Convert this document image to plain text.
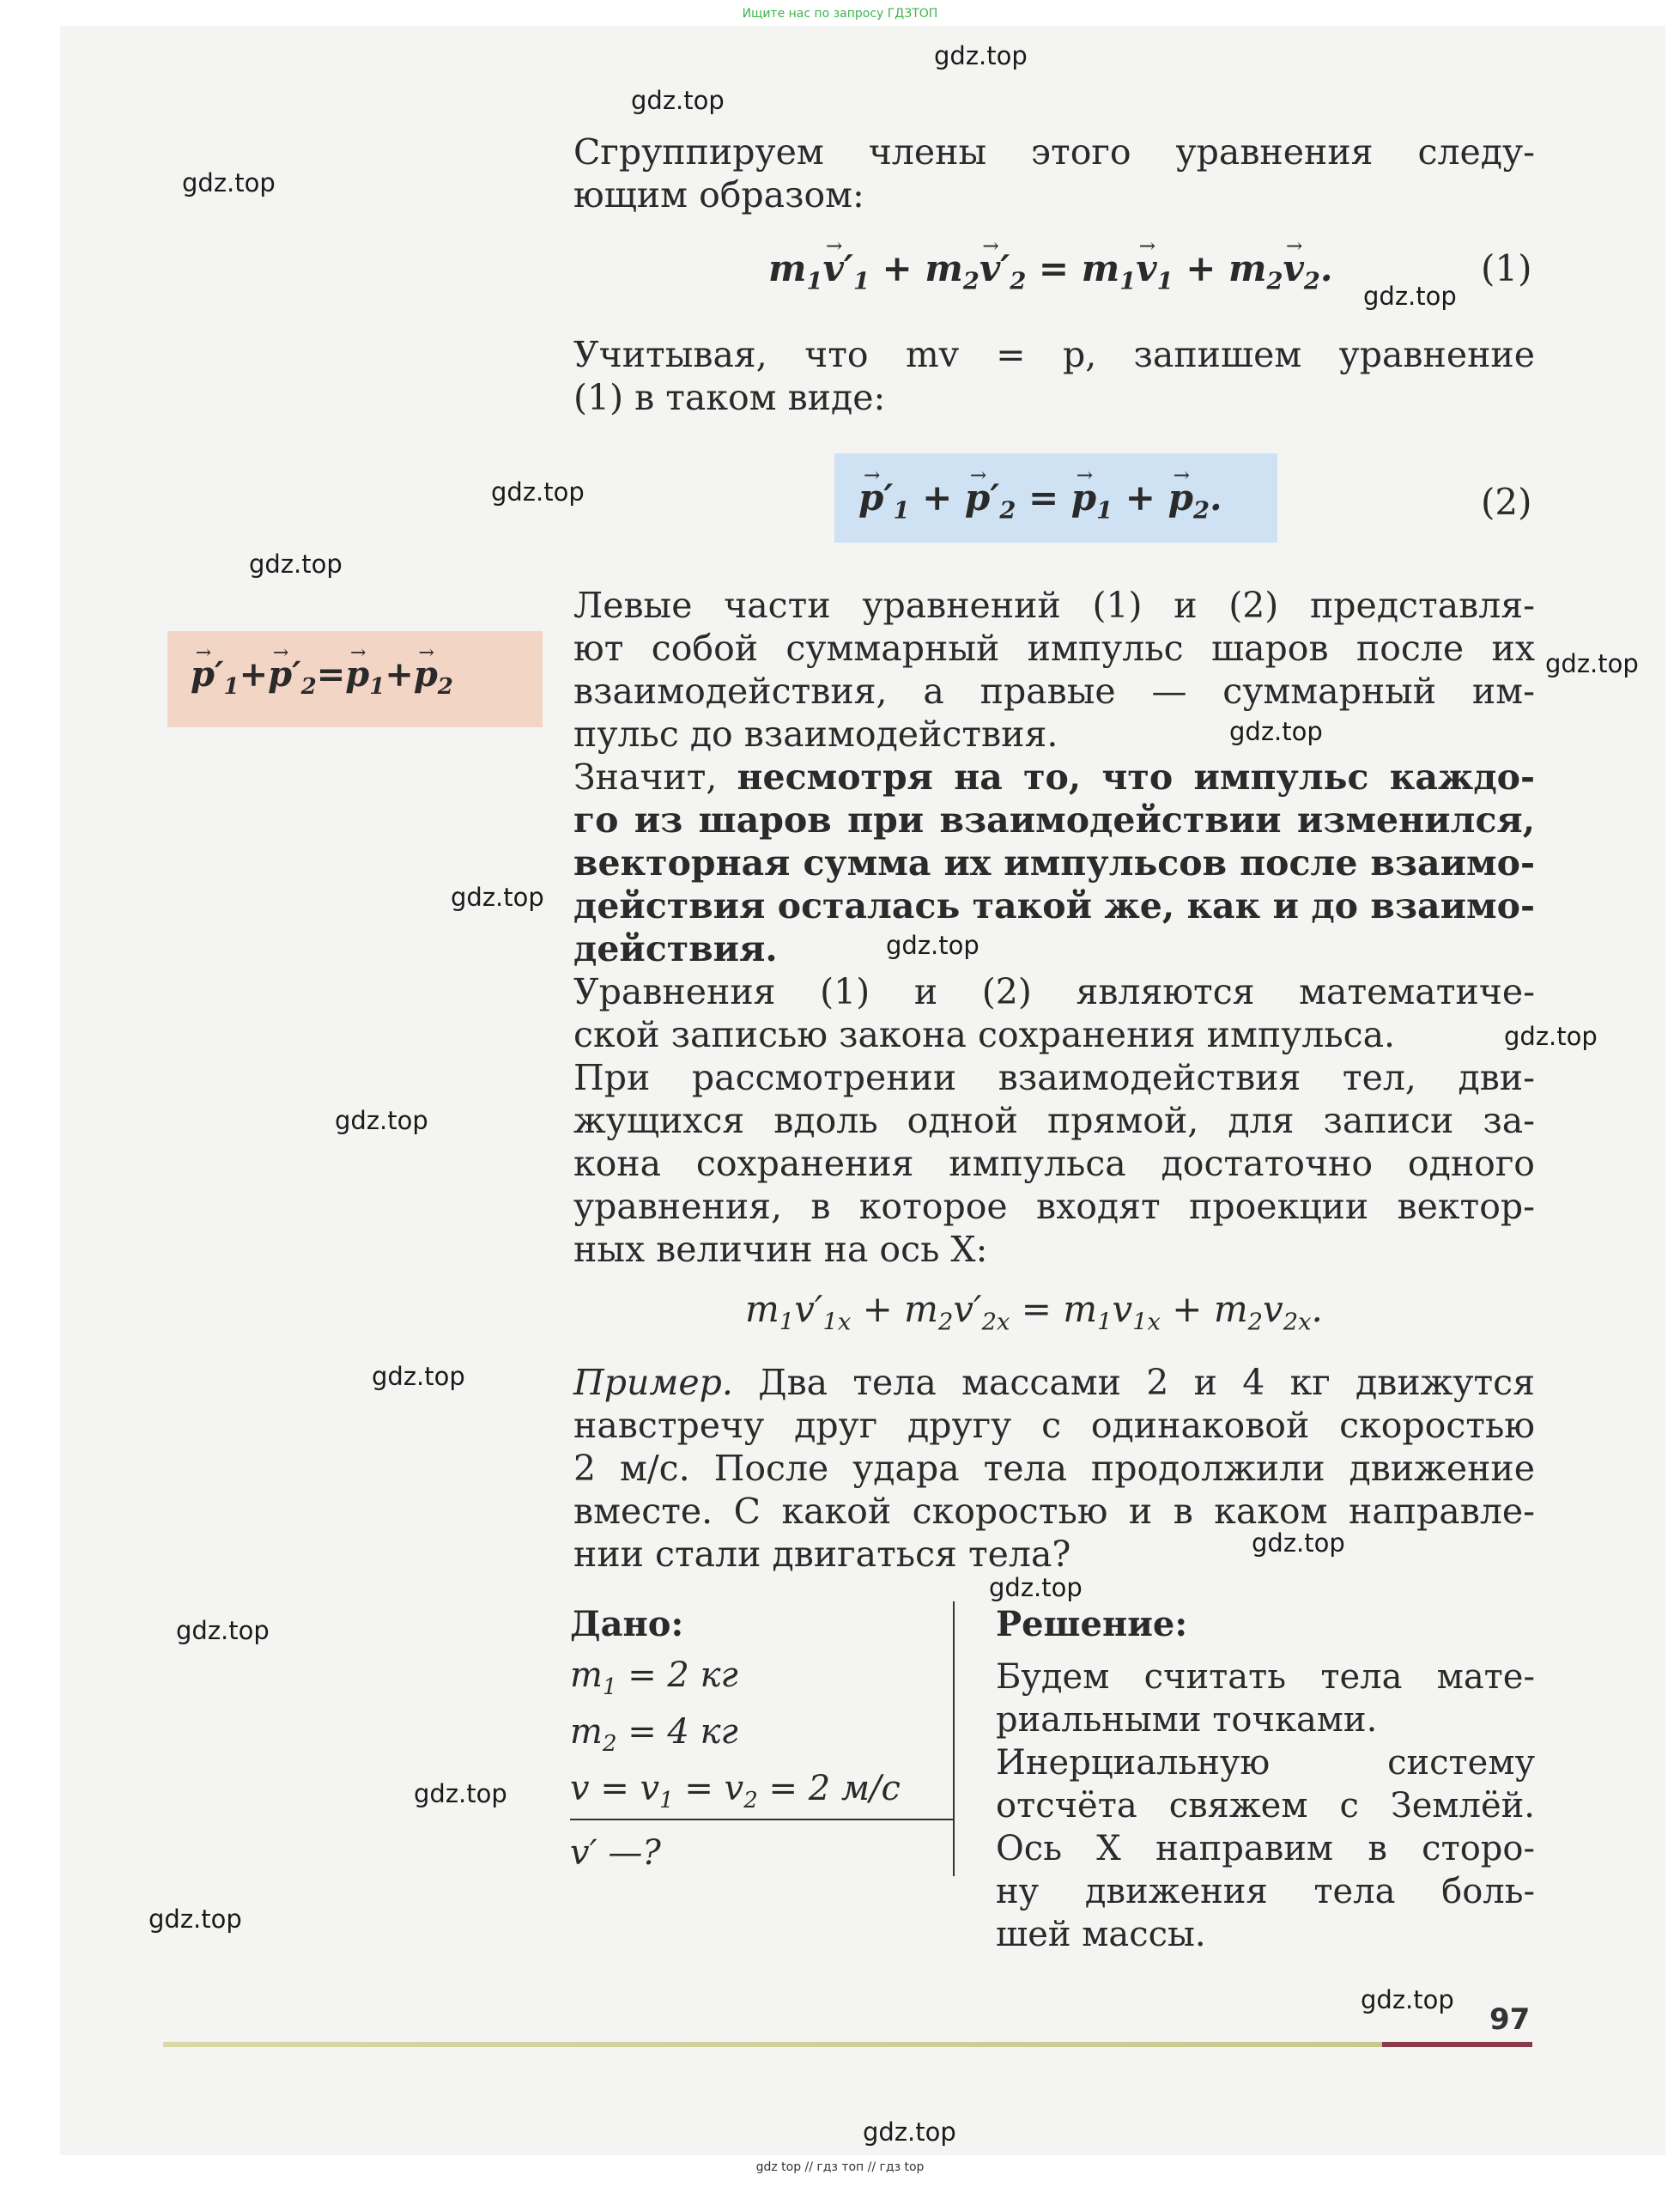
Ищите нас по запросу ГДЗТОП
gdz.top
gdz.top
gdz.top
gdz.top
gdz.top
gdz.top
gdz.top
gdz.top
gdz.top
gdz.top
gdz.top
gdz.top
gdz.top
gdz.top
gdz.top
gdz.top
gdz.top
gdz.top
gdz.top
gdz.top
Сгруппируем члены этого уравнения следу-
ющим образом:
$m_1\to v'_1 + m_2\to v'_2 = m_1\to v_1 + m_2\to v_2$.	(1)
Учитывая, что mv = p, запишем уравнение
(1) в таком виде:
→ $p'_1$ + → $p'_2$ = → $p_1$ + → $p_2$.	(2)
→ $p'_1+\to p'_2=\to p_1+\to p_2$
Левые части уравнений (1) и (2) представля-
ют собой суммарный импульс шаров после их
взаимодействия, а правые — суммарный им-
пульс до взаимодействия.
Значит, несмотря на то, что импульс каждо-
го из шаров при взаимодействии изменился,
векторная сумма их импульсов после взаимо-
действия осталась такой же, как и до взаимо-
действия.
Уравнения (1) и (2) являются математиче-
ской записью закона сохранения импульса.
При рассмотрении взаимодействия тел, дви-
жущихся вдоль одной прямой, для записи за-
кона сохранения импульса достаточно одного
уравнения, в которое входят проекции вектор-
ных величин на ось X:
$m_1v'_{1x} + m_2v'_{2x} = m_1v_{1x} + m_2v_{2x}$.
Пример. Два тела массами 2 и 4 кг движутся
навстречу друг другу с одинаковой скоростью
2 м/с. После удара тела продолжили движение
вместе. С какой скоростью и в каком направле-
нии стали двигаться тела?
Дано:
$m_1 = 2$ кг
$m_2 = 4$ кг
$v = v_1 = v_2 = 2$ м/с
v′ —?
Решение:
Будем считать тела мате-
риальными точками.
Инерциальную систему
отсчёта свяжем с Землёй.
Ось X направим в сторо-
ну движения тела боль-
шей массы.
97
gdz top // гдз топ // гдз top
